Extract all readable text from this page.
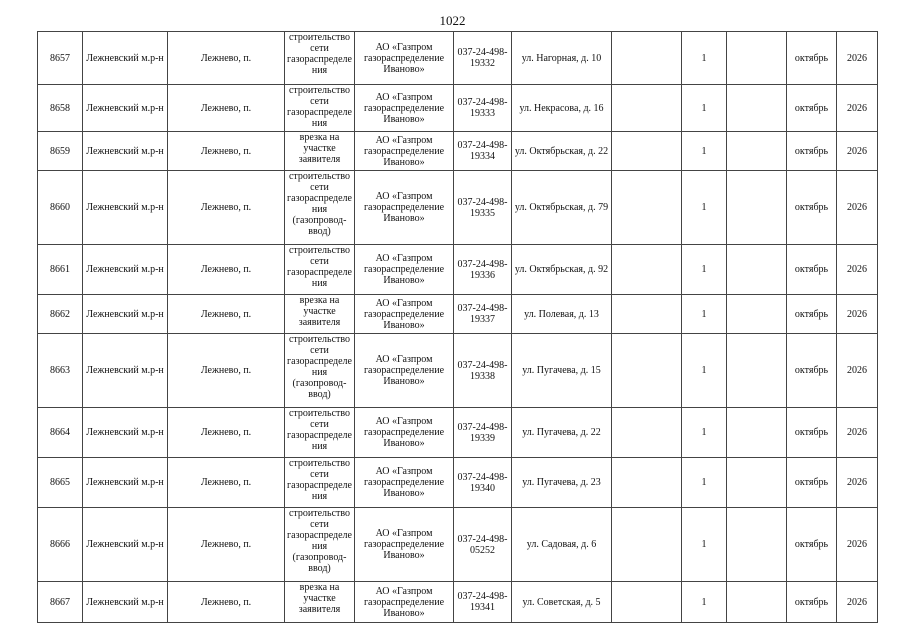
1022
8657	Лежневский м.р-н	Лежнево, п.	строительство сети газораспределения	АО «Газпром газораспределение Иваново»	037-24-498-19332	ул. Нагорная, д. 10		1		октябрь	2026
8658	Лежневский м.р-н	Лежнево, п.	строительство сети газораспределения	АО «Газпром газораспределение Иваново»	037-24-498-19333	ул. Некрасова, д. 16		1		октябрь	2026
8659	Лежневский м.р-н	Лежнево, п.	врезка на участке заявителя	АО «Газпром газораспределение Иваново»	037-24-498-19334	ул. Октябрьская, д. 22		1		октябрь	2026
8660	Лежневский м.р-н	Лежнево, п.	строительство сети газораспределения (газопровод-ввод)	АО «Газпром газораспределение Иваново»	037-24-498-19335	ул. Октябрьская, д. 79		1		октябрь	2026
8661	Лежневский м.р-н	Лежнево, п.	строительство сети газораспределения	АО «Газпром газораспределение Иваново»	037-24-498-19336	ул. Октябрьская, д. 92		1		октябрь	2026
8662	Лежневский м.р-н	Лежнево, п.	врезка на участке заявителя	АО «Газпром газораспределение Иваново»	037-24-498-19337	ул. Полевая, д. 13		1		октябрь	2026
8663	Лежневский м.р-н	Лежнево, п.	строительство сети газораспределения (газопровод-ввод)	АО «Газпром газораспределение Иваново»	037-24-498-19338	ул. Пугачева, д. 15		1		октябрь	2026
8664	Лежневский м.р-н	Лежнево, п.	строительство сети газораспределения	АО «Газпром газораспределение Иваново»	037-24-498-19339	ул. Пугачева, д. 22		1		октябрь	2026
8665	Лежневский м.р-н	Лежнево, п.	строительство сети газораспределения	АО «Газпром газораспределение Иваново»	037-24-498-19340	ул. Пугачева, д. 23		1		октябрь	2026
8666	Лежневский м.р-н	Лежнево, п.	строительство сети газораспределения (газопровод-ввод)	АО «Газпром газораспределение Иваново»	037-24-498-05252	ул. Садовая, д. 6		1		октябрь	2026
8667	Лежневский м.р-н	Лежнево, п.	врезка на участке заявителя	АО «Газпром газораспределение Иваново»	037-24-498-19341	ул. Советская, д. 5		1		октябрь	2026
